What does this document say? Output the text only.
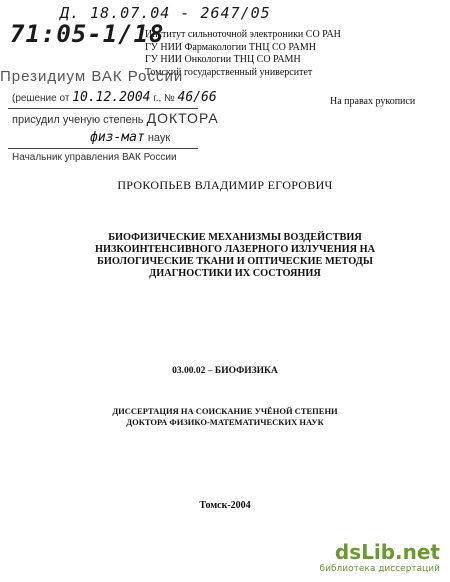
Д. 18.07.04 - 2647/05
71:05-1/18
Институт сильноточной электроники СО РАН
ГУ НИИ Фармакологии ТНЦ СО РАМН
ГУ НИИ Онкологии ТНЦ СО РАМН
Томский государственный университет
Президиум ВАК России
(решение от 10.12.2004 г., № 46/66
присудил ученую степень ДОКТОРА
физ-мат наук
Начальник управления ВАК России
На правах рукописи
ПРОКОПЬЕВ ВЛАДИМИР ЕГОРОВИЧ
БИОФИЗИЧЕСКИЕ МЕХАНИЗМЫ ВОЗДЕЙСТВИЯ
НИЗКОИНТЕНСИВНОГО ЛАЗЕРНОГО ИЗЛУЧЕНИЯ НА
БИОЛОГИЧЕСКИЕ ТКАНИ И ОПТИЧЕСКИЕ МЕТОДЫ
ДИАГНОСТИКИ ИХ СОСТОЯНИЯ
03.00.02 – БИОФИЗИКА
ДИССЕРТАЦИЯ НА СОИСКАНИЕ УЧЁНОЙ СТЕПЕНИ
ДОКТОРА ФИЗИКО-МАТЕМАТИЧЕСКИХ НАУК
Томск-2004
dsLib.net
библиотека диссертаций
